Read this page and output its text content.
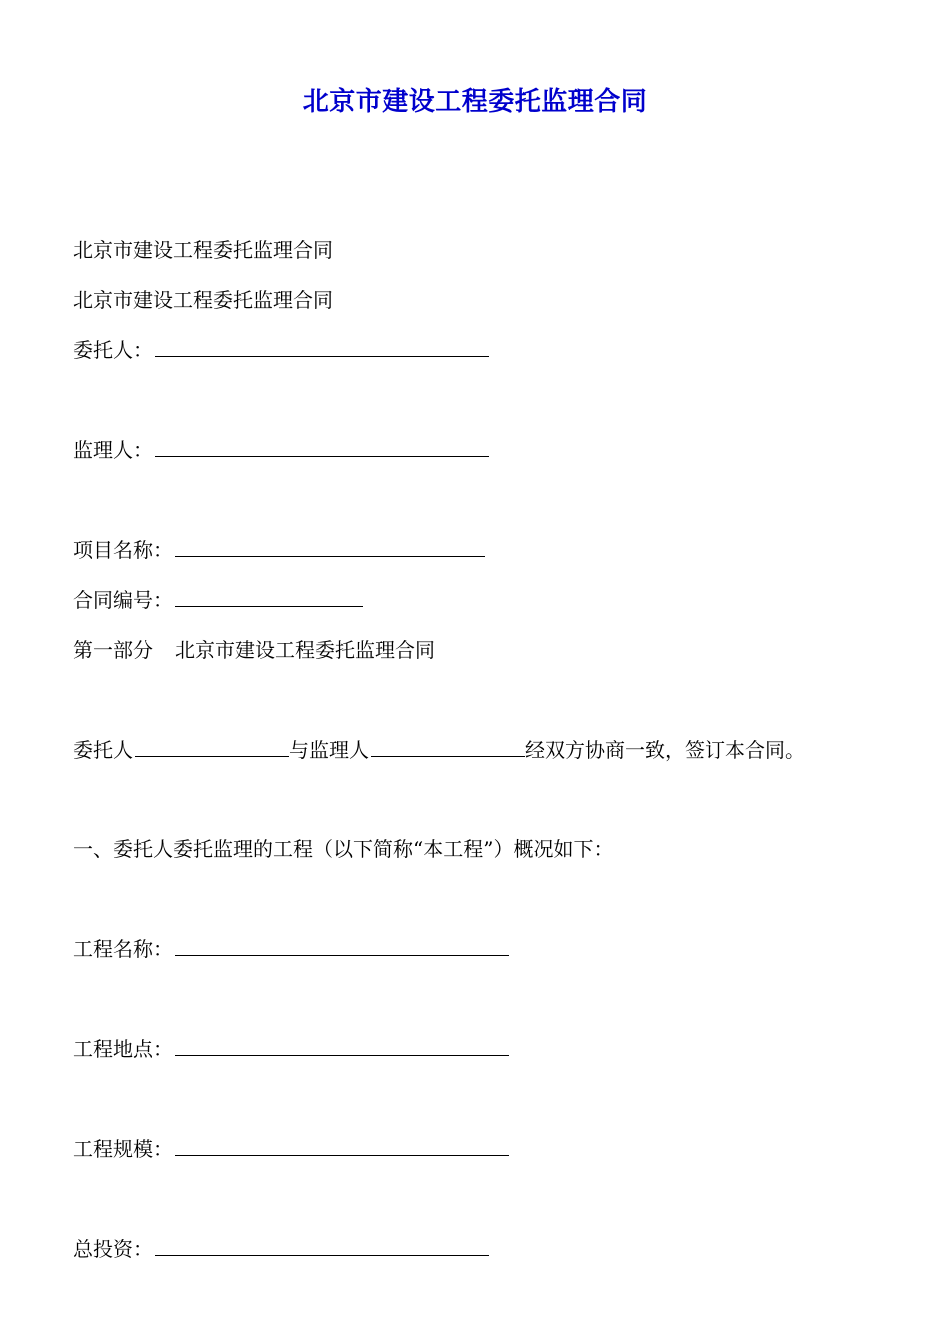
北京市建设工程委托监理合同
北京市建设工程委托监理合同
北京市建设工程委托监理合同
委托人：
监理人：
项目名称：
合同编号：
第一部分 北京市建设工程委托监理合同
委托人	与监理人	经双方协商一致，签订本合同。
一、委托人委托监理的工程（以下简称“本工程”）概况如下：
工程名称：
工程地点：
工程规模：
总投资：
